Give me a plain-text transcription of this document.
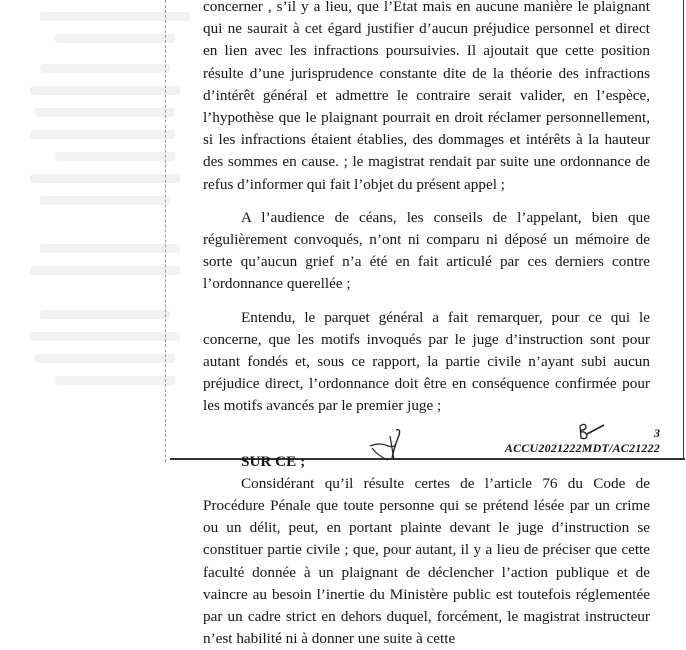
concerner , s’il y a lieu, que l’Etat mais en aucune manière le plaignant qui ne saurait à cet égard justifier d’aucun préjudice personnel et direct en lien avec les infractions poursuivies. Il ajoutait que cette position résulte d’une jurisprudence constante dite de la théorie des infractions d’intérêt général et admettre le contraire serait valider, en l’espèce, l’hypothèse que le plaignant pourrait en droit réclamer personnellement, si les infractions étaient établies, des dommages et intérêts à la hauteur des sommes en cause. ; le magistrat rendait par suite une ordonnance de refus d’informer qui fait l’objet du présent appel ;

A l’audience de céans, les conseils de l’appelant, bien que régulièrement convoqués, n’ont ni comparu ni déposé un mémoire de sorte qu’aucun grief n’a été en fait articulé par ces derniers contre l’ordonnance querellée ;

Entendu, le parquet général a fait remarquer, pour ce qui le concerne, que les motifs invoqués par le juge d’instruction sont pour autant fondés et, sous ce rapport, la partie civile n’ayant subi aucun préjudice direct, l’ordonnance doit être en conséquence confirmée pour les motifs avancés par le premier juge ;

SUR CE ;

Considérant qu’il résulte certes de l’article 76 du Code de Procédure Pénale que toute personne qui se prétend lésée par un crime ou un délit, peut, en portant plainte devant le juge d’instruction se constituer partie civile ; que, pour autant, il y a lieu de préciser que cette faculté donnée à un plaignant de déclencher l’action publique et de vaincre au besoin l’inertie du Ministère public est toutefois réglementée par un cadre strict en dehors duquel, forcément, le magistrat instructeur n’est habilité ni à donner une suite à cette

3
ACCU2021222MDT/AC21222
